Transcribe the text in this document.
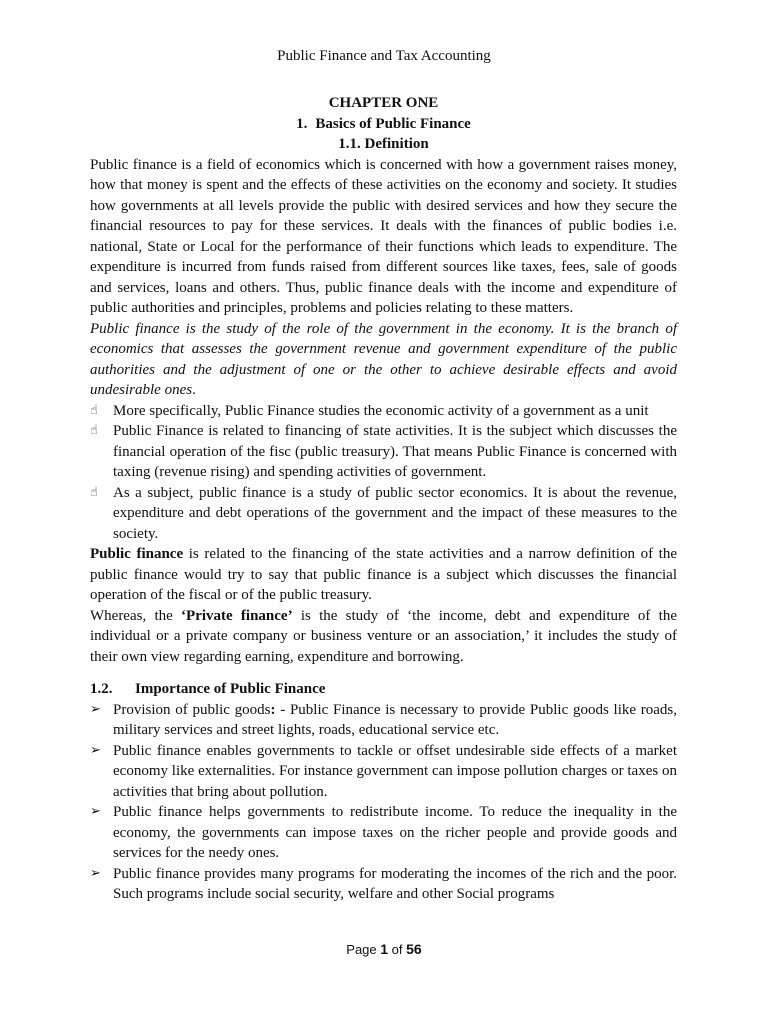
Public Finance and Tax Accounting

CHAPTER ONE

1. Basics of Public Finance

1.1. Definition

Public finance is a field of economics which is concerned with how a government raises money, how that money is spent and the effects of these activities on the economy and society. It studies how governments at all levels provide the public with desired services and how they secure the financial resources to pay for these services. It deals with the finances of public bodies i.e. national, State or Local for the performance of their functions which leads to expenditure. The expenditure is incurred from funds raised from different sources like taxes, fees, sale of goods and services, loans and others. Thus, public finance deals with the income and expenditure of public authorities and principles, problems and policies relating to these matters.

Public finance is the study of the role of the government in the economy. It is the branch of economics that assesses the government revenue and government expenditure of the public authorities and the adjustment of one or the other to achieve desirable effects and avoid undesirable ones.

☝	More specifically, Public Finance studies the economic activity of a government as a unit
☝	Public Finance is related to financing of state activities. It is the subject which discusses the financial operation of the fisc (public treasury). That means Public Finance is concerned with taxing (revenue rising) and spending activities of government.
☝	As a subject, public finance is a study of public sector economics. It is about the revenue, expenditure and debt operations of the government and the impact of these measures to the society.

Public finance is related to the financing of the state activities and a narrow definition of the public finance would try to say that public finance is a subject which discusses the financial operation of the fiscal or of the public treasury.

Whereas, the ‘Private finance’ is the study of ‘the income, debt and expenditure of the individual or a private company or business venture or an association,’ it includes the study of their own view regarding earning, expenditure and borrowing.

1.2. Importance of Public Finance

➢ Provision of public goods: - Public Finance is necessary to provide Public goods like roads, military services and street lights, roads, educational service etc.
➢ Public finance enables governments to tackle or offset undesirable side effects of a market economy like externalities. For instance government can impose pollution charges or taxes on activities that bring about pollution.
➢ Public finance helps governments to redistribute income. To reduce the inequality in the economy, the governments can impose taxes on the richer people and provide goods and services for the needy ones.
➢ Public finance provides many programs for moderating the incomes of the rich and the poor. Such programs include social security, welfare and other Social programs
Page 1 of 56
